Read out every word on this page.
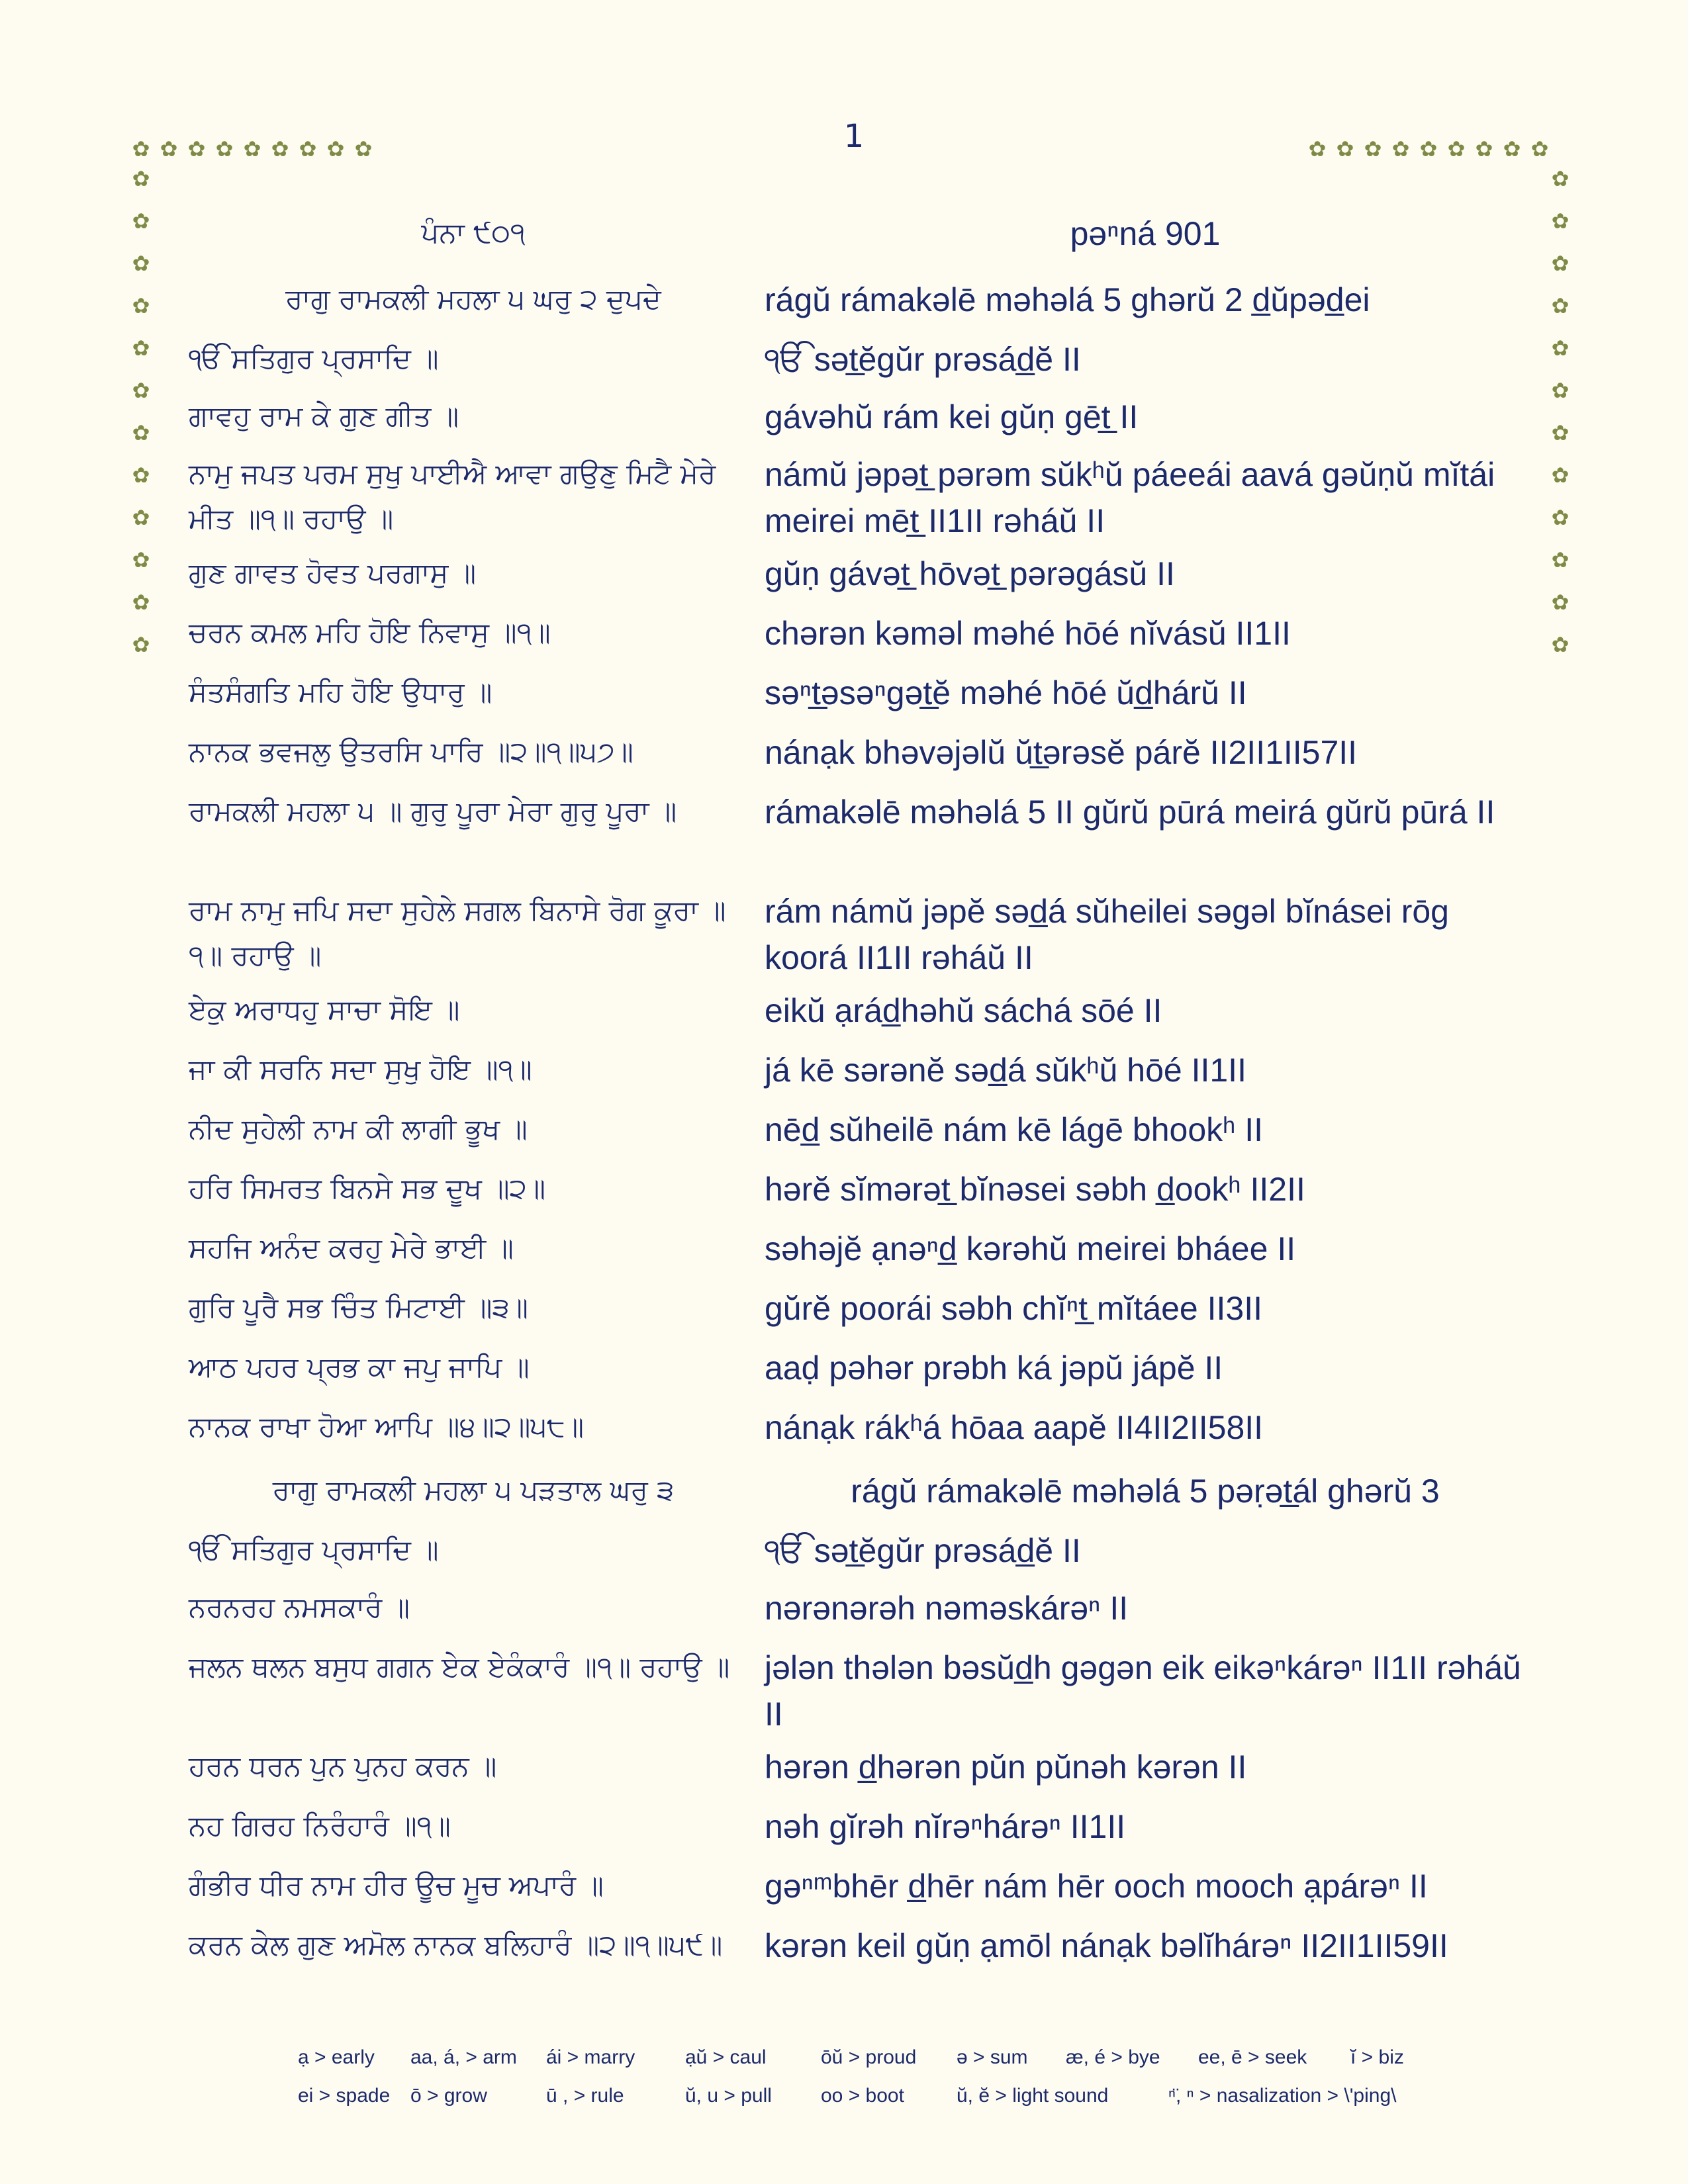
1
✿
✿
✿
✿
✿
✿
✿
✿
✿
✿
✿
✿
✿
✿
✿
✿
✿
✿
✿
✿
✿
✿
✿
✿
✿
✿
✿
✿
✿
✿
✿
✿
✿
✿
✿
✿
✿
✿
✿
✿
✿
✿
ਪੰਨਾ ੯੦੧	pəⁿná 901
ਰਾਗੁ ਰਾਮਕਲੀ ਮਹਲਾ ੫ ਘਰੁ ੨ ਦੁਪਦੇ	rágŭ rámakəlē məhəlá 5 ghərŭ 2 d̲ŭpəd̲ei
ੴ ਸਤਿਗੁਰ ਪ੍ਰਸਾਦਿ ॥	ੴ sət̲ĕgŭr prəsád̲ĕ II
ਗਾਵਹੁ ਰਾਮ ਕੇ ਗੁਣ ਗੀਤ ॥	gávəhŭ rám kei gŭṇ gēt̲ II
ਨਾਮੁ ਜਪਤ ਪਰਮ ਸੁਖੁ ਪਾਈਐ ਆਵਾ ਗਉਣੁ ਮਿਟੈ ਮੇਰੇ ਮੀਤ ॥੧॥ ਰਹਾਉ ॥
námŭ jəpət̲ pərəm sŭkʰŭ páeeái aavá gəŭṇŭ mĭtái meirei mēt̲ II1II rəháŭ II
ਗੁਣ ਗਾਵਤ ਹੋਵਤ ਪਰਗਾਸੁ ॥	gŭṇ gávət̲ hōvət̲ pərəgásŭ II
ਚਰਨ ਕਮਲ ਮਹਿ ਹੋਇ ਨਿਵਾਸੁ ॥੧॥	chərən kəməl məhé hōé nĭvásŭ II1II
ਸੰਤਸੰਗਤਿ ਮਹਿ ਹੋਇ ਉਧਾਰੁ ॥	səⁿt̲əsəⁿgət̲ĕ məhé hōé ŭd̲hárŭ II
ਨਾਨਕ ਭਵਜਲੁ ਉਤਰਸਿ ਪਾਰਿ ॥੨॥੧॥੫੭॥	nánạk bhəvəjəlŭ ŭt̲ərəsĕ párĕ II2II1II57II
ਰਾਮਕਲੀ ਮਹਲਾ ੫ ॥ ਗੁਰੁ ਪੂਰਾ ਮੇਰਾ ਗੁਰੁ ਪੂਰਾ ॥	rámakəlē məhəlá 5 II gŭrŭ pūrá meirá gŭrŭ pūrá II
ਰਾਮ ਨਾਮੁ ਜਪਿ ਸਦਾ ਸੁਹੇਲੇ ਸਗਲ ਬਿਨਾਸੇ ਰੋਗ ਕੂਰਾ ॥੧॥ ਰਹਾਉ ॥
rám námŭ jəpĕ səd̲á sŭheilei səgəl bĭnásei rōg koorá II1II rəháŭ II
ਏਕੁ ਅਰਾਧਹੁ ਸਾਚਾ ਸੋਇ ॥	eikŭ ạrád̲həhŭ sáchá sōé II
ਜਾ ਕੀ ਸਰਨਿ ਸਦਾ ਸੁਖੁ ਹੋਇ ॥੧॥	já kē sərənĕ səd̲á sŭkʰŭ hōé II1II
ਨੀਦ ਸੁਹੇਲੀ ਨਾਮ ਕੀ ਲਾਗੀ ਭੂਖ ॥	nēd̲ sŭheilē nám kē lágē bhookʰ II
ਹਰਿ ਸਿਮਰਤ ਬਿਨਸੇ ਸਭ ਦੂਖ ॥੨॥	hərĕ sĭmərət̲ bĭnəsei səbh d̲ookʰ II2II
ਸਹਜਿ ਅਨੰਦ ਕਰਹੁ ਮੇਰੇ ਭਾਈ ॥	səhəjĕ ạnəⁿd̲ kərəhŭ meirei bháee II
ਗੁਰਿ ਪੂਰੈ ਸਭ ਚਿੰਤ ਮਿਟਾਈ ॥੩॥	gŭrĕ poorái səbh chĭⁿt̲ mĭtáee II3II
ਆਠ ਪਹਰ ਪ੍ਰਭ ਕਾ ਜਪੁ ਜਾਪਿ ॥	aaḍ pəhər prəbh ká jəpŭ jápĕ II
ਨਾਨਕ ਰਾਖਾ ਹੋਆ ਆਪਿ ॥੪॥੨॥੫੮॥	nánạk rákʰá hōaa aapĕ II4II2II58II
ਰਾਗੁ ਰਾਮਕਲੀ ਮਹਲਾ ੫ ਪੜਤਾਲ ਘਰੁ ੩	rágŭ rámakəlē məhəlá 5 pəṛət̲ál ghərŭ 3
ੴ ਸਤਿਗੁਰ ਪ੍ਰਸਾਦਿ ॥	ੴ sət̲ĕgŭr prəsád̲ĕ II
ਨਰਨਰਹ ਨਮਸਕਾਰੰ ॥	nərənərəh nəməskárəⁿ II
ਜਲਨ ਥਲਨ ਬਸੁਧ ਗਗਨ ਏਕ ਏਕੰਕਾਰੰ ॥੧॥ ਰਹਾਉ ॥	jələn thələn bəsŭd̲h gəgən eik eikəⁿkárəⁿ II1II rəháŭ II
ਹਰਨ ਧਰਨ ਪੁਨ ਪੁਨਹ ਕਰਨ ॥	hərən d̲hərən pŭn pŭnəh kərən II
ਨਹ ਗਿਰਹ ਨਿਰੰਹਾਰੰ ॥੧॥	nəh gĭrəh nĭrəⁿhárəⁿ II1II
ਗੰਭੀਰ ਧੀਰ ਨਾਮ ਹੀਰ ਊਚ ਮੂਚ ਅਪਾਰੰ ॥	gəⁿᵐbhēr d̲hēr nám hēr ooch mooch ạpárəⁿ II
ਕਰਨ ਕੇਲ ਗੁਣ ਅਮੋਲ ਨਾਨਕ ਬਲਿਹਾਰੰ ॥੨॥੧॥੫੯॥	kərən keil gŭṇ ạmōl nánạk bəlĭhárəⁿ II2II1II59II
ạ > early	aa, á, > arm	ái > marry	ạŭ > caul	ōŭ > proud	ə > sum	æ, é > bye	ee, ē > seek	ĭ > biz
ei > spade	ō > grow	ū , > rule	ŭ, u > pull	oo > boot	ŭ, ĕ > light sound	ⁿ̈, ⁿ > nasalization > \'ping\
